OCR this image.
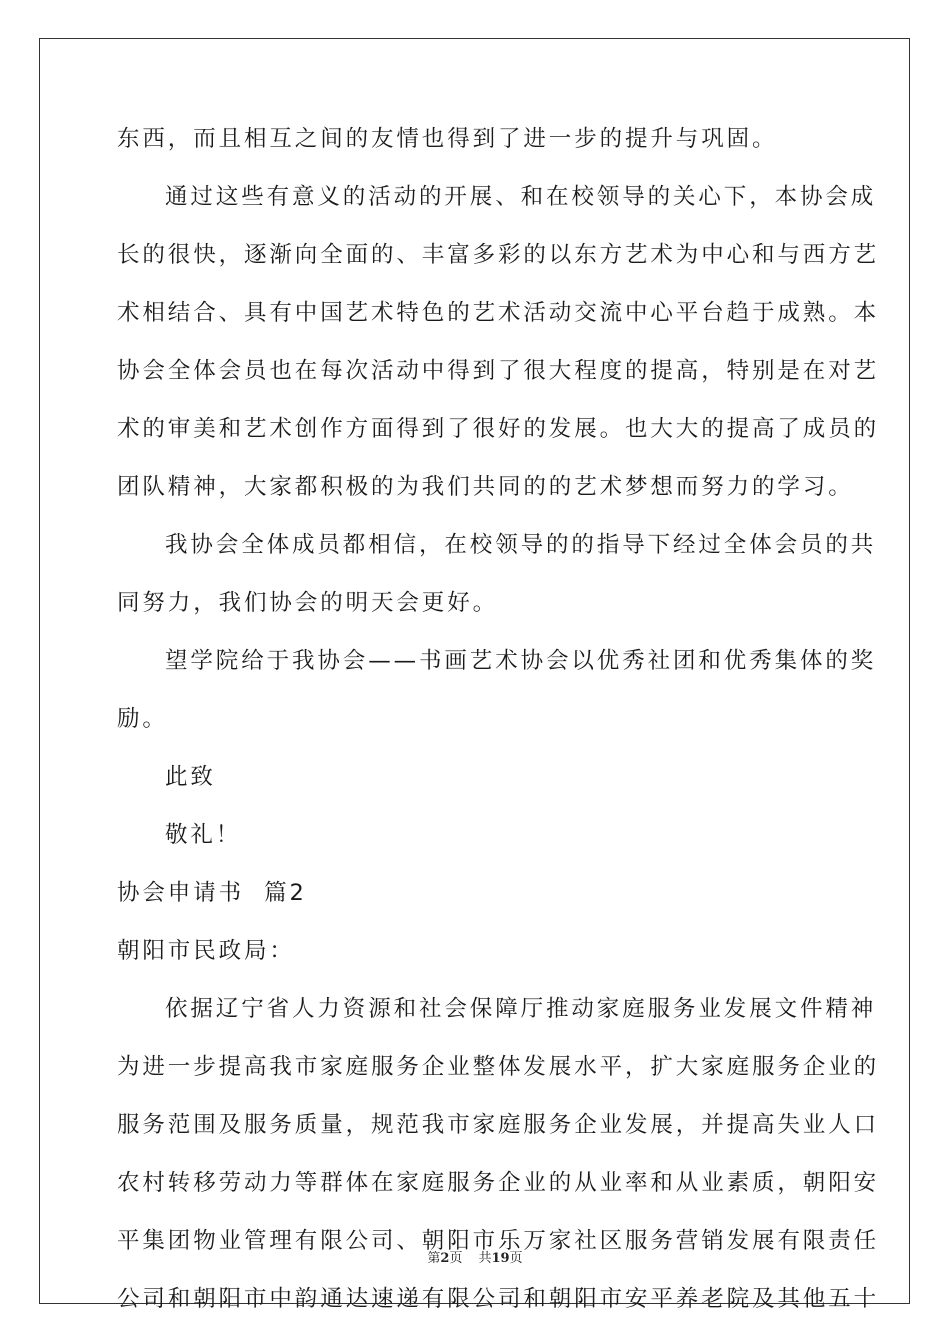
东西，而且相互之间的友情也得到了进一步的提升与巩固。
通过这些有意义的活动的开展、和在校领导的关心下，本协会成
长的很快，逐渐向全面的、丰富多彩的以东方艺术为中心和与西方艺
术相结合、具有中国艺术特色的艺术活动交流中心平台趋于成熟。本
协会全体会员也在每次活动中得到了很大程度的提高，特别是在对艺
术的审美和艺术创作方面得到了很好的发展。也大大的提高了成员的
团队精神，大家都积极的为我们共同的的艺术梦想而努力的学习。
我协会全体成员都相信，在校领导的的指导下经过全体会员的共
同努力，我们协会的明天会更好。
望学院给于我协会——书画艺术协会以优秀社团和优秀集体的奖
励。
此致
敬礼！
协会申请书  篇2
朝阳市民政局：
依据辽宁省人力资源和社会保障厅推动家庭服务业发展文件精神
为进一步提高我市家庭服务企业整体发展水平，扩大家庭服务企业的
服务范围及服务质量，规范我市家庭服务企业发展，并提高失业人口
农村转移劳动力等群体在家庭服务企业的从业率和从业素质，朝阳安
平集团物业管理有限公司、朝阳市乐万家社区服务营销发展有限责任
公司和朝阳市中韵通达速递有限公司和朝阳市安平养老院及其他五十
第2页 共19页
